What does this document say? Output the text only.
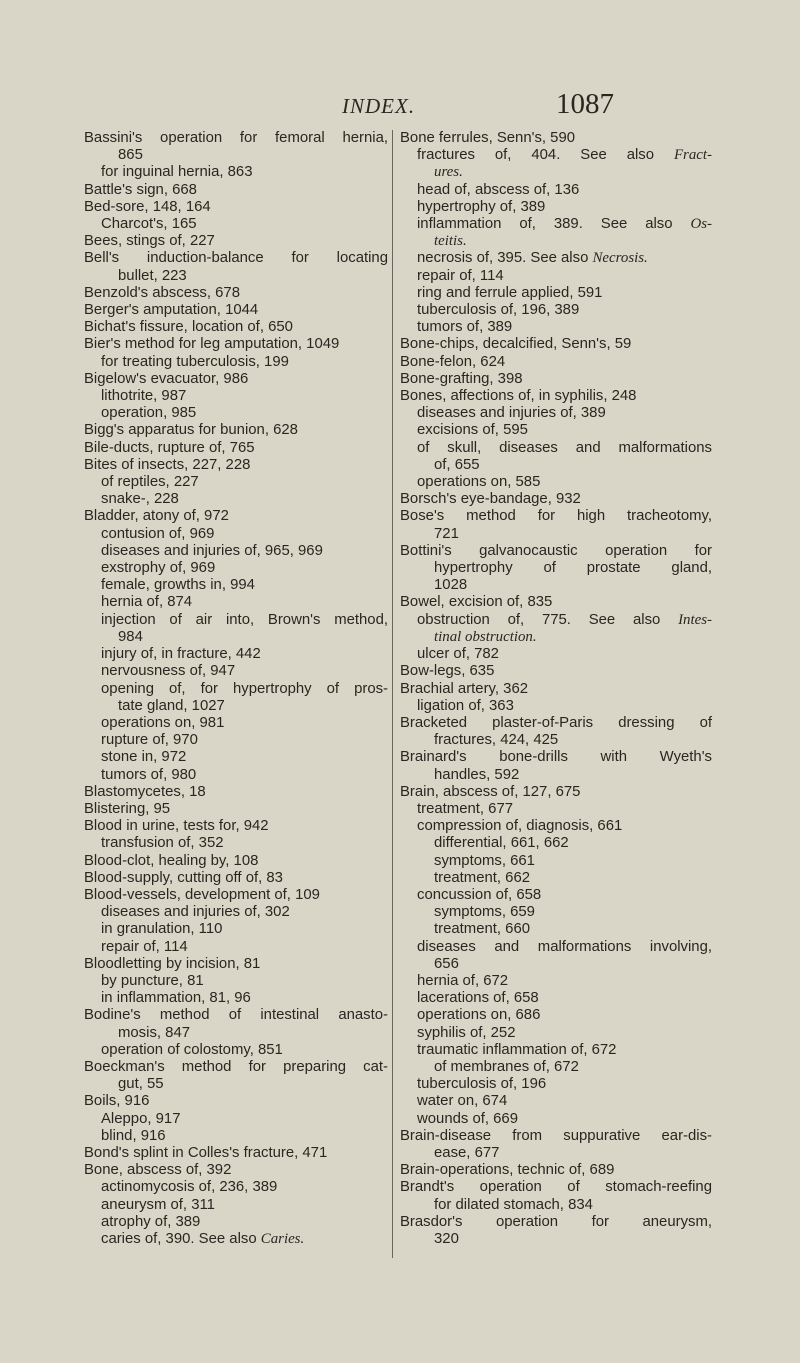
INDEX.	1087
Bassini's operation for femoral hernia,
865
for inguinal hernia, 863
Battle's sign, 668
Bed-sore, 148, 164
Charcot's, 165
Bees, stings of, 227
Bell's induction-balance for locating
bullet, 223
Benzold's abscess, 678
Berger's amputation, 1044
Bichat's fissure, location of, 650
Bier's method for leg amputation, 1049
for treating tuberculosis, 199
Bigelow's evacuator, 986
lithotrite, 987
operation, 985
Bigg's apparatus for bunion, 628
Bile-ducts, rupture of, 765
Bites of insects, 227, 228
of reptiles, 227
snake-, 228
Bladder, atony of, 972
contusion of, 969
diseases and injuries of, 965, 969
exstrophy of, 969
female, growths in, 994
hernia of, 874
injection of air into, Brown's method,
984
injury of, in fracture, 442
nervousness of, 947
opening of, for hypertrophy of pros-
tate gland, 1027
operations on, 981
rupture of, 970
stone in, 972
tumors of, 980
Blastomycetes, 18
Blistering, 95
Blood in urine, tests for, 942
transfusion of, 352
Blood-clot, healing by, 108
Blood-supply, cutting off of, 83
Blood-vessels, development of, 109
diseases and injuries of, 302
in granulation, 110
repair of, 114
Bloodletting by incision, 81
by puncture, 81
in inflammation, 81, 96
Bodine's method of intestinal anasto-
mosis, 847
operation of colostomy, 851
Boeckman's method for preparing cat-
gut, 55
Boils, 916
Aleppo, 917
blind, 916
Bond's splint in Colles's fracture, 471
Bone, abscess of, 392
actinomycosis of, 236, 389
aneurysm of, 311
atrophy of, 389
caries of, 390. See also Caries.
Bone ferrules, Senn's, 590
fractures of, 404. See also Fract-
ures.
head of, abscess of, 136
hypertrophy of, 389
inflammation of, 389. See also Os-
teitis.
necrosis of, 395. See also Necrosis.
repair of, 114
ring and ferrule applied, 591
tuberculosis of, 196, 389
tumors of, 389
Bone-chips, decalcified, Senn's, 59
Bone-felon, 624
Bone-grafting, 398
Bones, affections of, in syphilis, 248
diseases and injuries of, 389
excisions of, 595
of skull, diseases and malformations
of, 655
operations on, 585
Borsch's eye-bandage, 932
Bose's method for high tracheotomy,
721
Bottini's galvanocaustic operation for
hypertrophy of prostate gland,
1028
Bowel, excision of, 835
obstruction of, 775. See also Intes-
tinal obstruction.
ulcer of, 782
Bow-legs, 635
Brachial artery, 362
ligation of, 363
Bracketed plaster-of-Paris dressing of
fractures, 424, 425
Brainard's bone-drills with Wyeth's
handles, 592
Brain, abscess of, 127, 675
treatment, 677
compression of, diagnosis, 661
differential, 661, 662
symptoms, 661
treatment, 662
concussion of, 658
symptoms, 659
treatment, 660
diseases and malformations involving,
656
hernia of, 672
lacerations of, 658
operations on, 686
syphilis of, 252
traumatic inflammation of, 672
of membranes of, 672
tuberculosis of, 196
water on, 674
wounds of, 669
Brain-disease from suppurative ear-dis-
ease, 677
Brain-operations, technic of, 689
Brandt's operation of stomach-reefing
for dilated stomach, 834
Brasdor's operation for aneurysm,
320
